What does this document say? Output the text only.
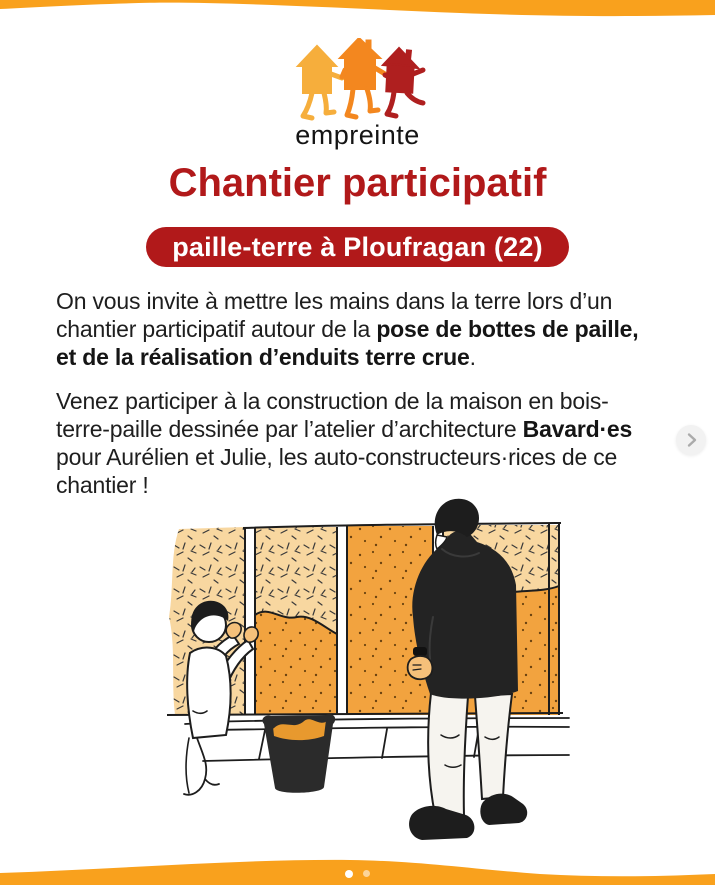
empreinte
Chantier participatif
paille-terre à Ploufragan (22)

On vous invite à mettre les mains dans la terre lors d’un chantier participatif autour de la pose de bottes de paille, et de la réalisation d’enduits terre crue.

Venez participer à la construction de la maison en bois-terre-paille dessinée par l’atelier d’architecture Bavard·es pour Aurélien et Julie, les auto-constructeurs·rices de ce chantier !
